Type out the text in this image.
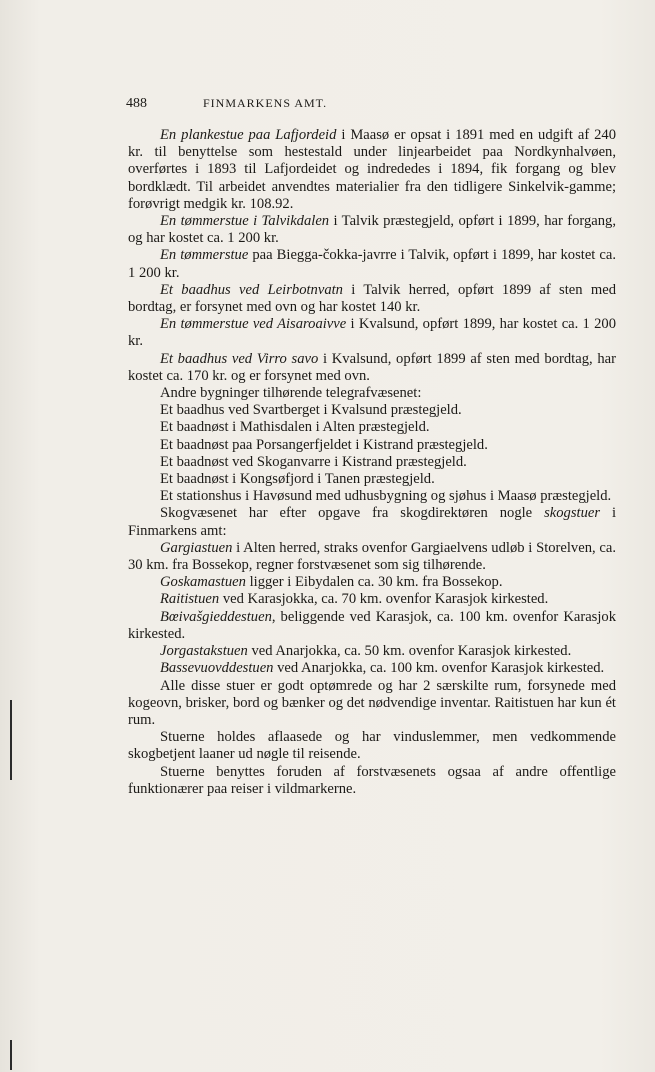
488	FINMARKENS AMT.

En plankestue paa Lafjordeid i Maasø er opsat i 1891 med en udgift af 240 kr. til benyttelse som hestestald under linjearbeidet paa Nordkynhalvøen, overførtes i 1893 til Lafjordeidet og indrededes i 1894, fik forgang og blev bordklædt. Til arbeidet anvendtes materialier fra den tidligere Sinkelvik-gamme; forøvrigt medgik kr. 108.92.

En tømmerstue i Talvikdalen i Talvik præstegjeld, opført i 1899, har forgang, og har kostet ca. 1 200 kr.

En tømmerstue paa Biegga-čokka-javrre i Talvik, opført i 1899, har kostet ca. 1 200 kr.

Et baadhus ved Leirbotnvatn i Talvik herred, opført 1899 af sten med bordtag, er forsynet med ovn og har kostet 140 kr.

En tømmerstue ved Aisaroaivve i Kvalsund, opført 1899, har kostet ca. 1 200 kr.

Et baadhus ved Virro savo i Kvalsund, opført 1899 af sten med bordtag, har kostet ca. 170 kr. og er forsynet med ovn.

Andre bygninger tilhørende telegrafvæsenet:

Et baadhus ved Svartberget i Kvalsund præstegjeld.

Et baadnøst i Mathisdalen i Alten præstegjeld.

Et baadnøst paa Porsangerfjeldet i Kistrand præstegjeld.

Et baadnøst ved Skoganvarre i Kistrand præstegjeld.

Et baadnøst i Kongsøfjord i Tanen præstegjeld.

Et stationshus i Havøsund med udhusbygning og sjøhus i Maasø præstegjeld.

Skogvæsenet har efter opgave fra skogdirektøren nogle skogstuer i Finmarkens amt:

Gargiastuen i Alten herred, straks ovenfor Gargiaelvens udløb i Storelven, ca. 30 km. fra Bossekop, regner forstvæsenet som sig tilhørende.

Goskamastuen ligger i Eibydalen ca. 30 km. fra Bossekop.

Raitistuen ved Karasjokka, ca. 70 km. ovenfor Karasjok kirkested.

Bœivašgieddestuen, beliggende ved Karasjok, ca. 100 km. ovenfor Karasjok kirkested.

Jorgastakstuen ved Anarjokka, ca. 50 km. ovenfor Karasjok kirkested.

Bassevuovddestuen ved Anarjokka, ca. 100 km. ovenfor Karasjok kirkested.

Alle disse stuer er godt optømrede og har 2 særskilte rum, forsynede med kogeovn, brisker, bord og bænker og det nødvendige inventar. Raitistuen har kun ét rum.

Stuerne holdes aflaasede og har vinduslemmer, men vedkommende skogbetjent laaner ud nøgle til reisende.

Stuerne benyttes foruden af forstvæsenets ogsaa af andre offentlige funktionærer paa reiser i vildmarkerne.
